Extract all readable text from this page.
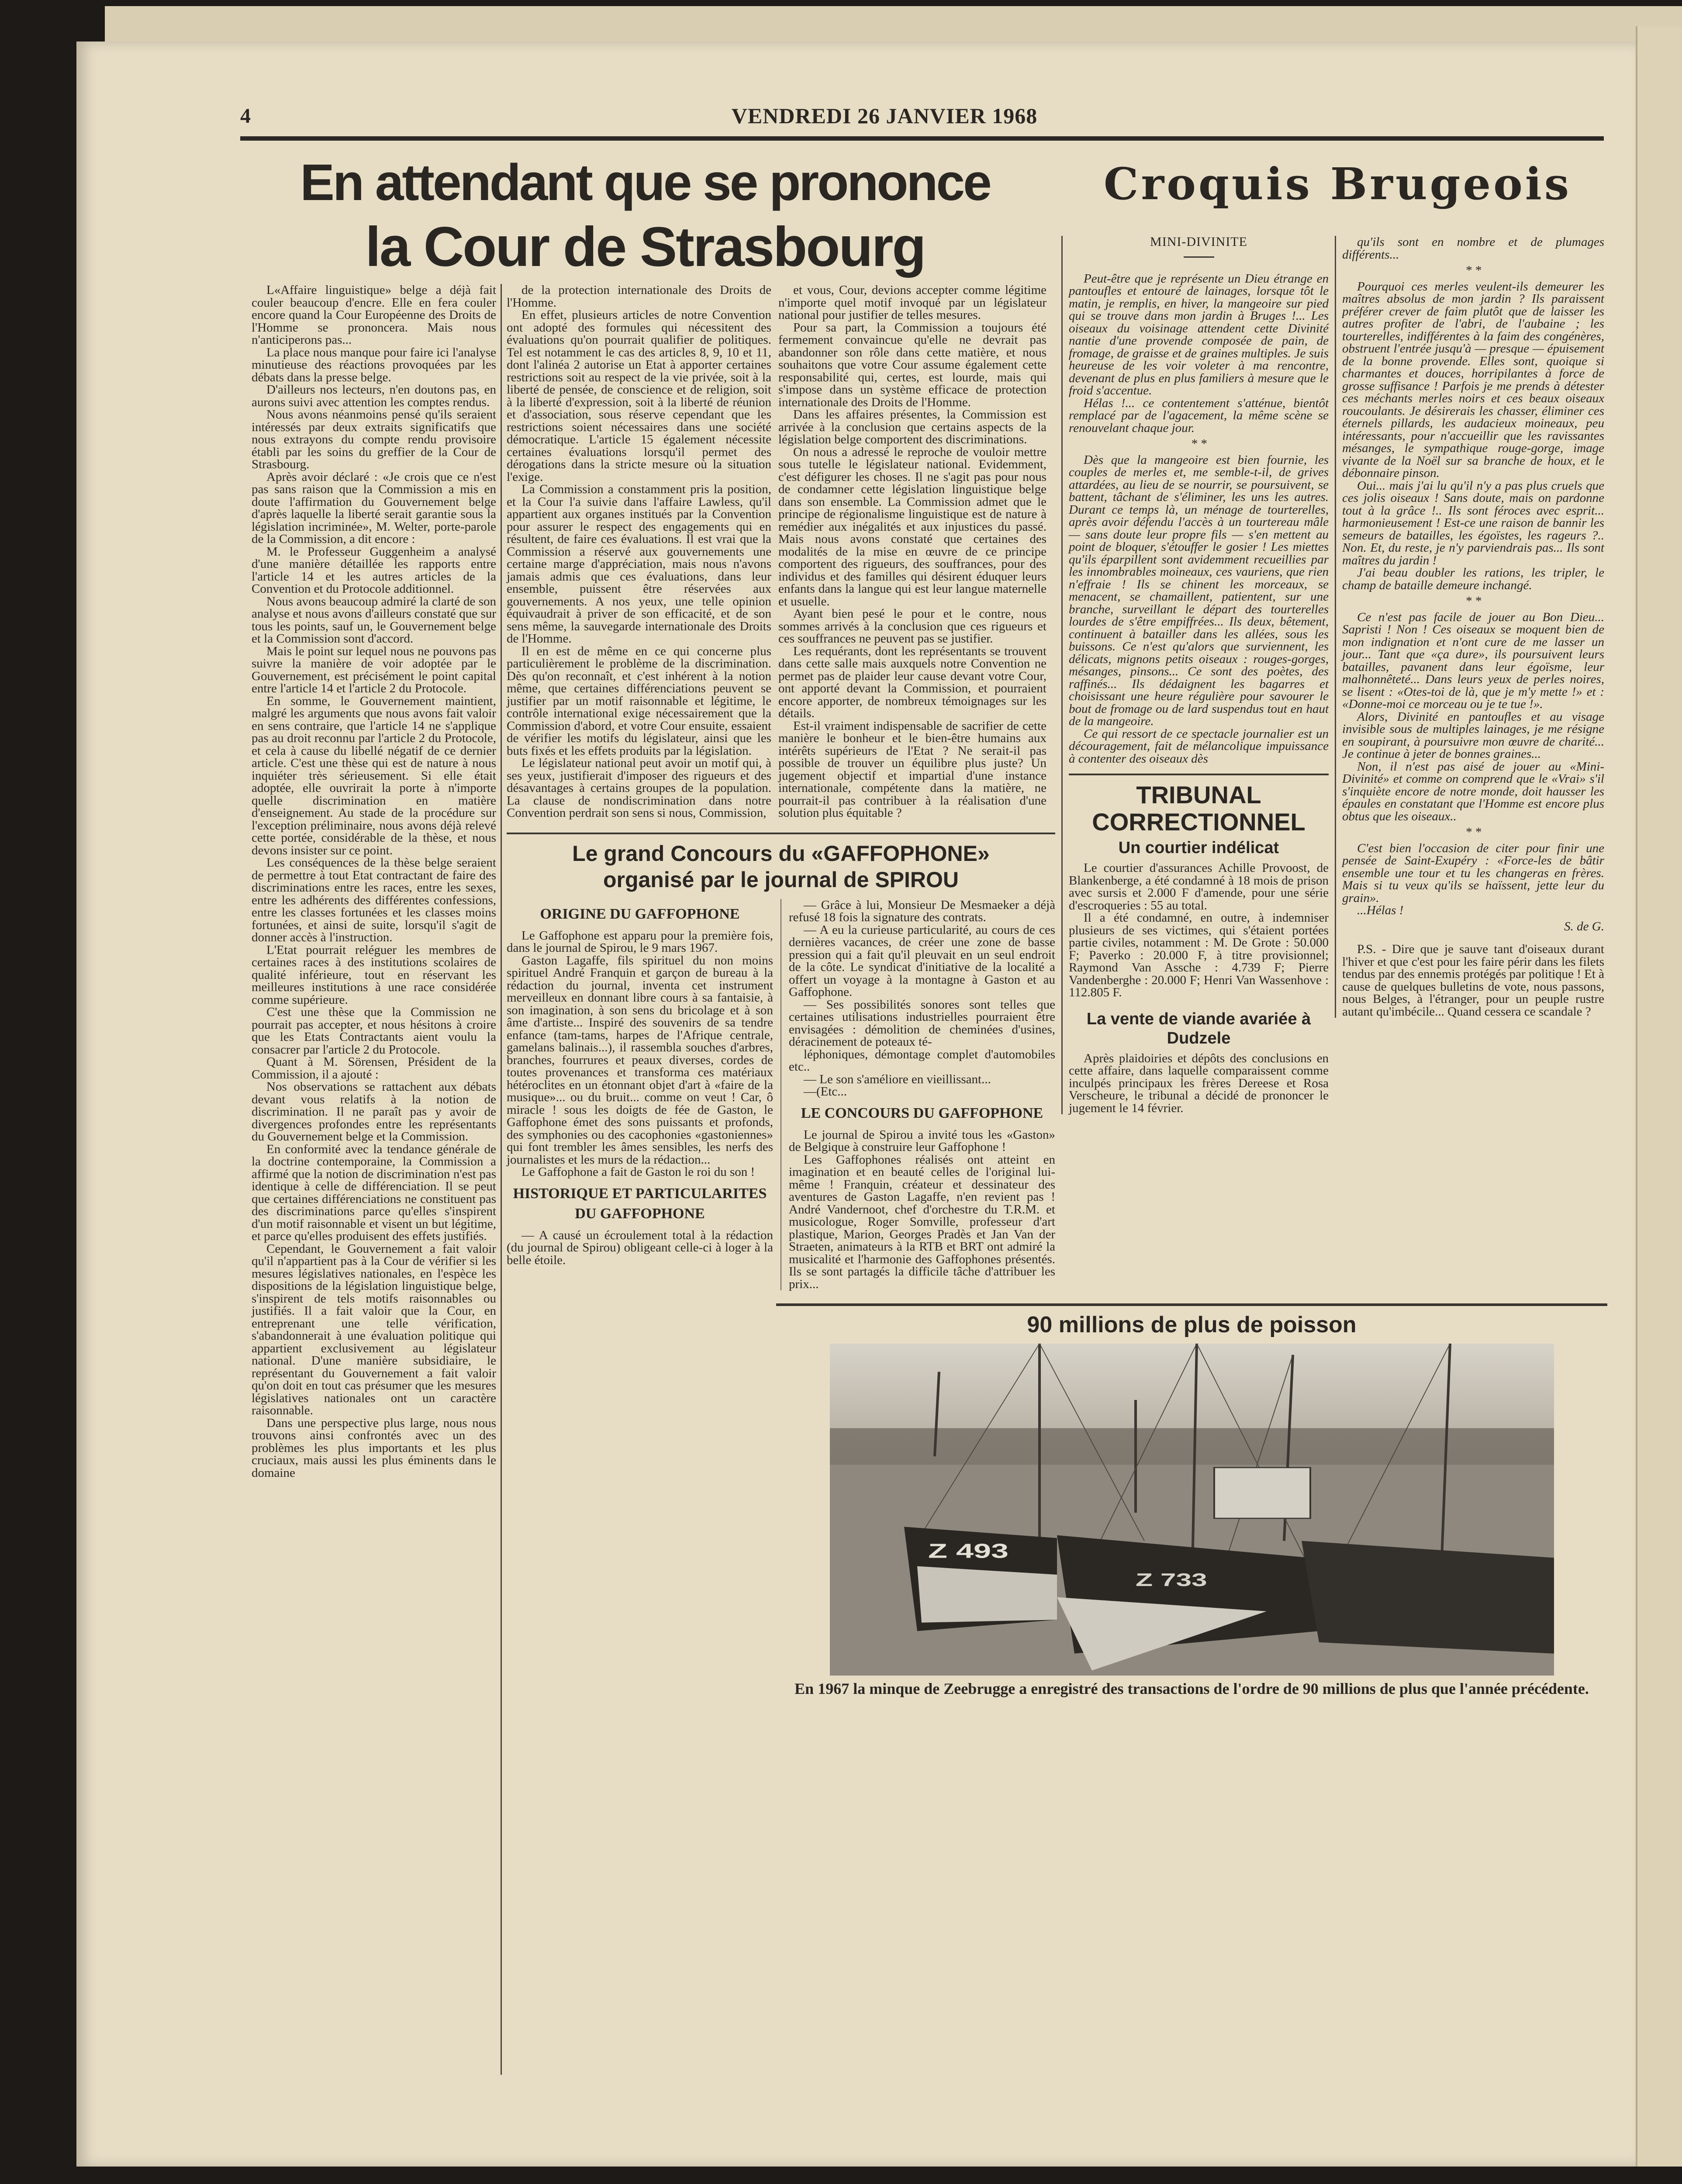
4	VENDREDI 26 JANVIER 1968
En attendant que se prononce
la Cour de Strasbourg
Croquis Brugeois

L«Affaire linguistique» belge a déjà fait couler beaucoup d'encre. Elle en fera couler encore quand la Cour Européenne des Droits de l'Homme se prononcera. Mais nous n'anticiperons pas...

La place nous manque pour faire ici l'analyse minutieuse des réactions provoquées par les débats dans la presse belge.

D'ailleurs nos lecteurs, n'en doutons pas, en aurons suivi avec attention les comptes rendus.

Nous avons néanmoins pensé qu'ils seraient intéressés par deux extraits significatifs que nous extrayons du compte rendu provisoire établi par les soins du greffier de la Cour de Strasbourg.

Après avoir déclaré : «Je crois que ce n'est pas sans raison que la Commission a mis en doute l'affirmation du Gouvernement belge d'après laquelle la liberté serait garantie sous la législation incriminée», M. Welter, porte-parole de la Commission, a dit encore :

M. le Professeur Guggenheim a analysé d'une manière détaillée les rapports entre l'article 14 et les autres articles de la Convention et du Protocole additionnel.

Nous avons beaucoup admiré la clarté de son analyse et nous avons d'ailleurs constaté que sur tous les points, sauf un, le Gouvernement belge et la Commission sont d'accord.

Mais le point sur lequel nous ne pouvons pas suivre la manière de voir adoptée par le Gouvernement, est précisément le point capital entre l'article 14 et l'article 2 du Protocole.

En somme, le Gouvernement maintient, malgré les arguments que nous avons fait valoir en sens contraire, que l'article 14 ne s'applique pas au droit reconnu par l'article 2 du Protocole, et cela à cause du libellé négatif de ce dernier article. C'est une thèse qui est de nature à nous inquiéter très sérieusement. Si elle était adoptée, elle ouvrirait la porte à n'importe quelle discrimination en matière d'enseignement. Au stade de la procédure sur l'exception préliminaire, nous avons déjà relevé cette portée, considérable de la thèse, et nous devons insister sur ce point.

Les conséquences de la thèse belge seraient de permettre à tout Etat contractant de faire des discriminations entre les races, entre les sexes, entre les adhérents des différentes confessions, entre les classes fortunées et les classes moins fortunées, et ainsi de suite, lorsqu'il s'agit de donner accès à l'instruction.

L'Etat pourrait reléguer les membres de certaines races à des institutions scolaires de qualité inférieure, tout en réservant les meilleures institutions à une race considérée comme supérieure.

C'est une thèse que la Commission ne pourrait pas accepter, et nous hésitons à croire que les Etats Contractants aient voulu la consacrer par l'article 2 du Protocole.

Quant à M. Sörensen, Président de la Commission, il a ajouté :

Nos observations se rattachent aux débats devant vous relatifs à la notion de discrimination. Il ne paraît pas y avoir de divergences profondes entre les représentants du Gouvernement belge et la Commission.

En conformité avec la tendance générale de la doctrine contemporaine, la Commission a affirmé que la notion de discrimination n'est pas identique à celle de différenciation. Il se peut que certaines différenciations ne constituent pas des discriminations parce qu'elles s'inspirent d'un motif raisonnable et visent un but légitime, et parce qu'elles produisent des effets justifiés.

Cependant, le Gouvernement a fait valoir qu'il n'appartient pas à la Cour de vérifier si les mesures législatives nationales, en l'espèce les dispositions de la législation linguistique belge, s'inspirent de tels motifs raisonnables ou justifiés. Il a fait valoir que la Cour, en entreprenant une telle vérification, s'abandonnerait à une évaluation politique qui appartient exclusivement au législateur national. D'une manière subsidiaire, le représentant du Gouvernement a fait valoir qu'on doit en tout cas présumer que les mesures législatives nationales ont un caractère raisonnable.

Dans une perspective plus large, nous nous trouvons ainsi confrontés avec un des problèmes les plus importants et les plus cruciaux, mais aussi les plus éminents dans le domaine

de la protection internationale des Droits de l'Homme.

En effet, plusieurs articles de notre Convention ont adopté des formules qui nécessitent des évaluations qu'on pourrait qualifier de politiques. Tel est notamment le cas des articles 8, 9, 10 et 11, dont l'alinéa 2 autorise un Etat à apporter certaines restrictions soit au respect de la vie privée, soit à la liberté de pensée, de conscience et de religion, soit à la liberté d'expression, soit à la liberté de réunion et d'association, sous réserve cependant que les restrictions soient nécessaires dans une société démocratique. L'article 15 également nécessite certaines évaluations lorsqu'il permet des dérogations dans la stricte mesure où la situation l'exige.

La Commission a constamment pris la position, et la Cour l'a suivie dans l'affaire Lawless, qu'il appartient aux organes institués par la Convention pour assurer le respect des engagements qui en résultent, de faire ces évaluations. Il est vrai que la Commission a réservé aux gouvernements une certaine marge d'appréciation, mais nous n'avons jamais admis que ces évaluations, dans leur ensemble, puissent être réservées aux gouvernements. A nos yeux, une telle opinion équivaudrait à priver de son efficacité, et de son sens même, la sauvegarde internationale des Droits de l'Homme.

Il en est de même en ce qui concerne plus particulièrement le problème de la discrimination. Dès qu'on reconnaît, et c'est inhérent à la notion même, que certaines différenciations peuvent se justifier par un motif raisonnable et légitime, le contrôle international exige nécessairement que la Commission d'abord, et votre Cour ensuite, essaient de vérifier les motifs du législateur, ainsi que les buts fixés et les effets produits par la législation.

Le législateur national peut avoir un motif qui, à ses yeux, justifierait d'imposer des rigueurs et des désavantages à certains groupes de la population. La clause de nondiscrimination dans notre Convention perdrait son sens si nous, Commission,

et vous, Cour, devions accepter comme légitime n'importe quel motif invoqué par un législateur national pour justifier de telles mesures.

Pour sa part, la Commission a toujours été fermement convaincue qu'elle ne devrait pas abandonner son rôle dans cette matière, et nous souhaitons que votre Cour assume également cette responsabilité qui, certes, est lourde, mais qui s'impose dans un système efficace de protection internationale des Droits de l'Homme.

Dans les affaires présentes, la Commission est arrivée à la conclusion que certains aspects de la législation belge comportent des discriminations.

On nous a adressé le reproche de vouloir mettre sous tutelle le législateur national. Evidemment, c'est défigurer les choses. Il ne s'agit pas pour nous de condamner cette législation linguistique belge dans son ensemble. La Commission admet que le principe de régionalisme linguistique est de nature à remédier aux inégalités et aux injustices du passé. Mais nous avons constaté que certaines des modalités de la mise en œuvre de ce principe comportent des rigueurs, des souffrances, pour des individus et des familles qui désirent éduquer leurs enfants dans la langue qui est leur langue maternelle et usuelle.

Ayant bien pesé le pour et le contre, nous sommes arrivés à la conclusion que ces rigueurs et ces souffrances ne peuvent pas se justifier.

Les requérants, dont les représentants se trouvent dans cette salle mais auxquels notre Convention ne permet pas de plaider leur cause devant votre Cour, ont apporté devant la Commission, et pourraient encore apporter, de nombreux témoignages sur les détails.

Est-il vraiment indispensable de sacrifier de cette manière le bonheur et le bien-être humains aux intérêts supérieurs de l'Etat ? Ne serait-il pas possible de trouver un équilibre plus juste? Un jugement objectif et impartial d'une instance internationale, compétente dans la matière, ne pourrait-il pas contribuer à la réalisation d'une solution plus équitable ?

Le grand Concours du «GAFFOPHONE»
organisé par le journal de SPIROU

ORIGINE DU GAFFOPHONE

Le Gaffophone est apparu pour la première fois, dans le journal de Spirou, le 9 mars 1967.

Gaston Lagaffe, fils spirituel du non moins spirituel André Franquin et garçon de bureau à la rédaction du journal, inventa cet instrument merveilleux en donnant libre cours à sa fantaisie, à son imagination, à son sens du bricolage et à son âme d'artiste... Inspiré des souvenirs de sa tendre enfance (tam-tams, harpes de l'Afrique centrale, gamelans balinais...), il rassembla souches d'arbres, branches, fourrures et peaux diverses, cordes de toutes provenances et transforma ces matériaux hétéroclites en un étonnant objet d'art à «faire de la musique»... ou du bruit... comme on veut ! Car, ô miracle ! sous les doigts de fée de Gaston, le Gaffophone émet des sons puissants et profonds, des symphonies ou des cacophonies «gastoniennes» qui font trembler les âmes sensibles, les nerfs des journalistes et les murs de la rédaction...

Le Gaffophone a fait de Gaston le roi du son !

HISTORIQUE ET PARTICULARITES DU GAFFOPHONE

— A causé un écroulement total à la rédaction (du journal de Spirou) obligeant celle-ci à loger à la belle étoile.

— Grâce à lui, Monsieur De Mesmaeker a déjà refusé 18 fois la signature des contrats.

— A eu la curieuse particularité, au cours de ces dernières vacances, de créer une zone de basse pression qui a fait qu'il pleuvait en un seul endroit de la côte. Le syndicat d'initiative de la localité a offert un voyage à la montagne à Gaston et au Gaffophone.

— Ses possibilités sonores sont telles que certaines utilisations industrielles pourraient être envisagées : démolition de cheminées d'usines, déracinement de poteaux té-

léphoniques, démontage complet d'automobiles etc..

— Le son s'améliore en vieillissant...

—(Etc...

LE CONCOURS DU GAFFOPHONE

Le journal de Spirou a invité tous les «Gaston» de Belgique à construire leur Gaffophone !

Les Gaffophones réalisés ont atteint en imagination et en beauté celles de l'original lui-même ! Franquin, créateur et dessinateur des aventures de Gaston Lagaffe, n'en revient pas ! André Vandernoot, chef d'orchestre du T.R.M. et musicologue, Roger Somville, professeur d'art plastique, Marion, Georges Pradès et Jan Van der Straeten, animateurs à la RTB et BRT ont admiré la musicalité et l'harmonie des Gaffophones présentés. Ils se sont partagés la difficile tâche d'attribuer les prix...

MINI-DIVINITE

Peut-être que je représente un Dieu étrange en pantoufles et entouré de lainages, lorsque tôt le matin, je remplis, en hiver, la mangeoire sur pied qui se trouve dans mon jardin à Bruges !... Les oiseaux du voisinage attendent cette Divinité nantie d'une provende composée de pain, de fromage, de graisse et de graines multiples. Je suis heureuse de les voir voleter à ma rencontre, devenant de plus en plus familiers à mesure que le froid s'accentue.

Hélas !... ce contentement s'atténue, bientôt remplacé par de l'agacement, la même scène se renouvelant chaque jour.

* *

Dès que la mangeoire est bien fournie, les couples de merles et, me semble-t-il, de grives attardées, au lieu de se nourrir, se poursuivent, se battent, tâchant de s'éliminer, les uns les autres. Durant ce temps là, un ménage de tourterelles, après avoir défendu l'accès à un tourtereau mâle — sans doute leur propre fils — s'en mettent au point de bloquer, s'étouffer le gosier ! Les miettes qu'ils éparpillent sont avidemment recueillies par les innombrables moineaux, ces vauriens, que rien n'effraie ! Ils se chinent les morceaux, se menacent, se chamaillent, patientent, sur une branche, surveillant le départ des tourterelles lourdes de s'être empiffrées... Ils deux, bêtement, continuent à batailler dans les allées, sous les buissons. Ce n'est qu'alors que surviennent, les délicats, mignons petits oiseaux : rouges-gorges, mésanges, pinsons... Ce sont des poètes, des raffinés... Ils dédaignent les bagarres et choisissant une heure régulière pour savourer le bout de fromage ou de lard suspendus tout en haut de la mangeoire.

Ce qui ressort de ce spectacle journalier est un découragement, fait de mélancolique impuissance à contenter des oiseaux dès

TRIBUNAL CORRECTIONNEL

Un courtier indélicat

Le courtier d'assurances Achille Provoost, de Blankenberge, a été condamné à 18 mois de prison avec sursis et 2.000 F d'amende, pour une série d'escroqueries : 55 au total.

Il a été condamné, en outre, à indemniser plusieurs de ses victimes, qui s'étaient portées partie civiles, notamment : M. De Grote : 50.000 F; Paverko : 20.000 F, à titre provisionnel; Raymond Van Assche : 4.739 F; Pierre Vandenberghe : 20.000 F; Henri Van Wassenhove : 112.805 F.

La vente de viande avariée à Dudzele

Après plaidoiries et dépôts des conclusions en cette affaire, dans laquelle comparaissent comme inculpés principaux les frères Dereese et Rosa Verscheure, le tribunal a décidé de prononcer le jugement le 14 février.

qu'ils sont en nombre et de plumages différents...

* *

Pourquoi ces merles veulent-ils demeurer les maîtres absolus de mon jardin ? Ils paraissent préférer crever de faim plutôt que de laisser les autres profiter de l'abri, de l'aubaine ; les tourterelles, indifférentes à la faim des congénères, obstruent l'entrée jusqu'à — presque — épuisement de la bonne provende. Elles sont, quoique si charmantes et douces, horripilantes à force de grosse suffisance ! Parfois je me prends à détester ces méchants merles noirs et ces beaux oiseaux roucoulants. Je désirerais les chasser, éliminer ces éternels pillards, les audacieux moineaux, peu intéressants, pour n'accueillir que les ravissantes mésanges, le sympathique rouge-gorge, image vivante de la Noël sur sa branche de houx, et le débonnaire pinson.

Oui... mais j'ai lu qu'il n'y a pas plus cruels que ces jolis oiseaux ! Sans doute, mais on pardonne tout à la grâce !.. Ils sont féroces avec esprit... harmonieusement ! Est-ce une raison de bannir les semeurs de batailles, les égoïstes, les rageurs ?.. Non. Et, du reste, je n'y parviendrais pas... Ils sont maîtres du jardin !

J'ai beau doubler les rations, les tripler, le champ de bataille demeure inchangé.

* *

Ce n'est pas facile de jouer au Bon Dieu... Sapristi ! Non ! Ces oiseaux se moquent bien de mon indignation et n'ont cure de me lasser un jour... Tant que «ça dure», ils poursuivent leurs batailles, pavanent dans leur égoïsme, leur malhonnêteté... Dans leurs yeux de perles noires, se lisent : «Otes-toi de là, que je m'y mette !» et : «Donne-moi ce morceau ou je te tue !».

Alors, Divinité en pantoufles et au visage invisible sous de multiples lainages, je me résigne en soupirant, à poursuivre mon œuvre de charité... Je continue à jeter de bonnes graines...

Non, il n'est pas aisé de jouer au «Mini-Divinité» et comme on comprend que le «Vrai» s'il s'inquiète encore de notre monde, doit hausser les épaules en constatant que l'Homme est encore plus obtus que les oiseaux..

* *

C'est bien l'occasion de citer pour finir une pensée de Saint-Exupéry : «Force-les de bâtir ensemble une tour et tu les changeras en frères. Mais si tu veux qu'ils se haïssent, jette leur du grain».

...Hélas !

S. de G.

P.S. - Dire que je sauve tant d'oiseaux durant l'hiver et que c'est pour les faire périr dans les filets tendus par des ennemis protégés par politique ! Et à cause de quelques bulletins de vote, nous passons, nous Belges, à l'étranger, pour un peuple rustre autant qu'imbécile... Quand cessera ce scandale ?

90 millions de plus de poisson
Z 493
Z 733
En 1967 la minque de Zeebrugge a enregistré des transactions de l'ordre de 90 millions de plus que l'année précédente.
